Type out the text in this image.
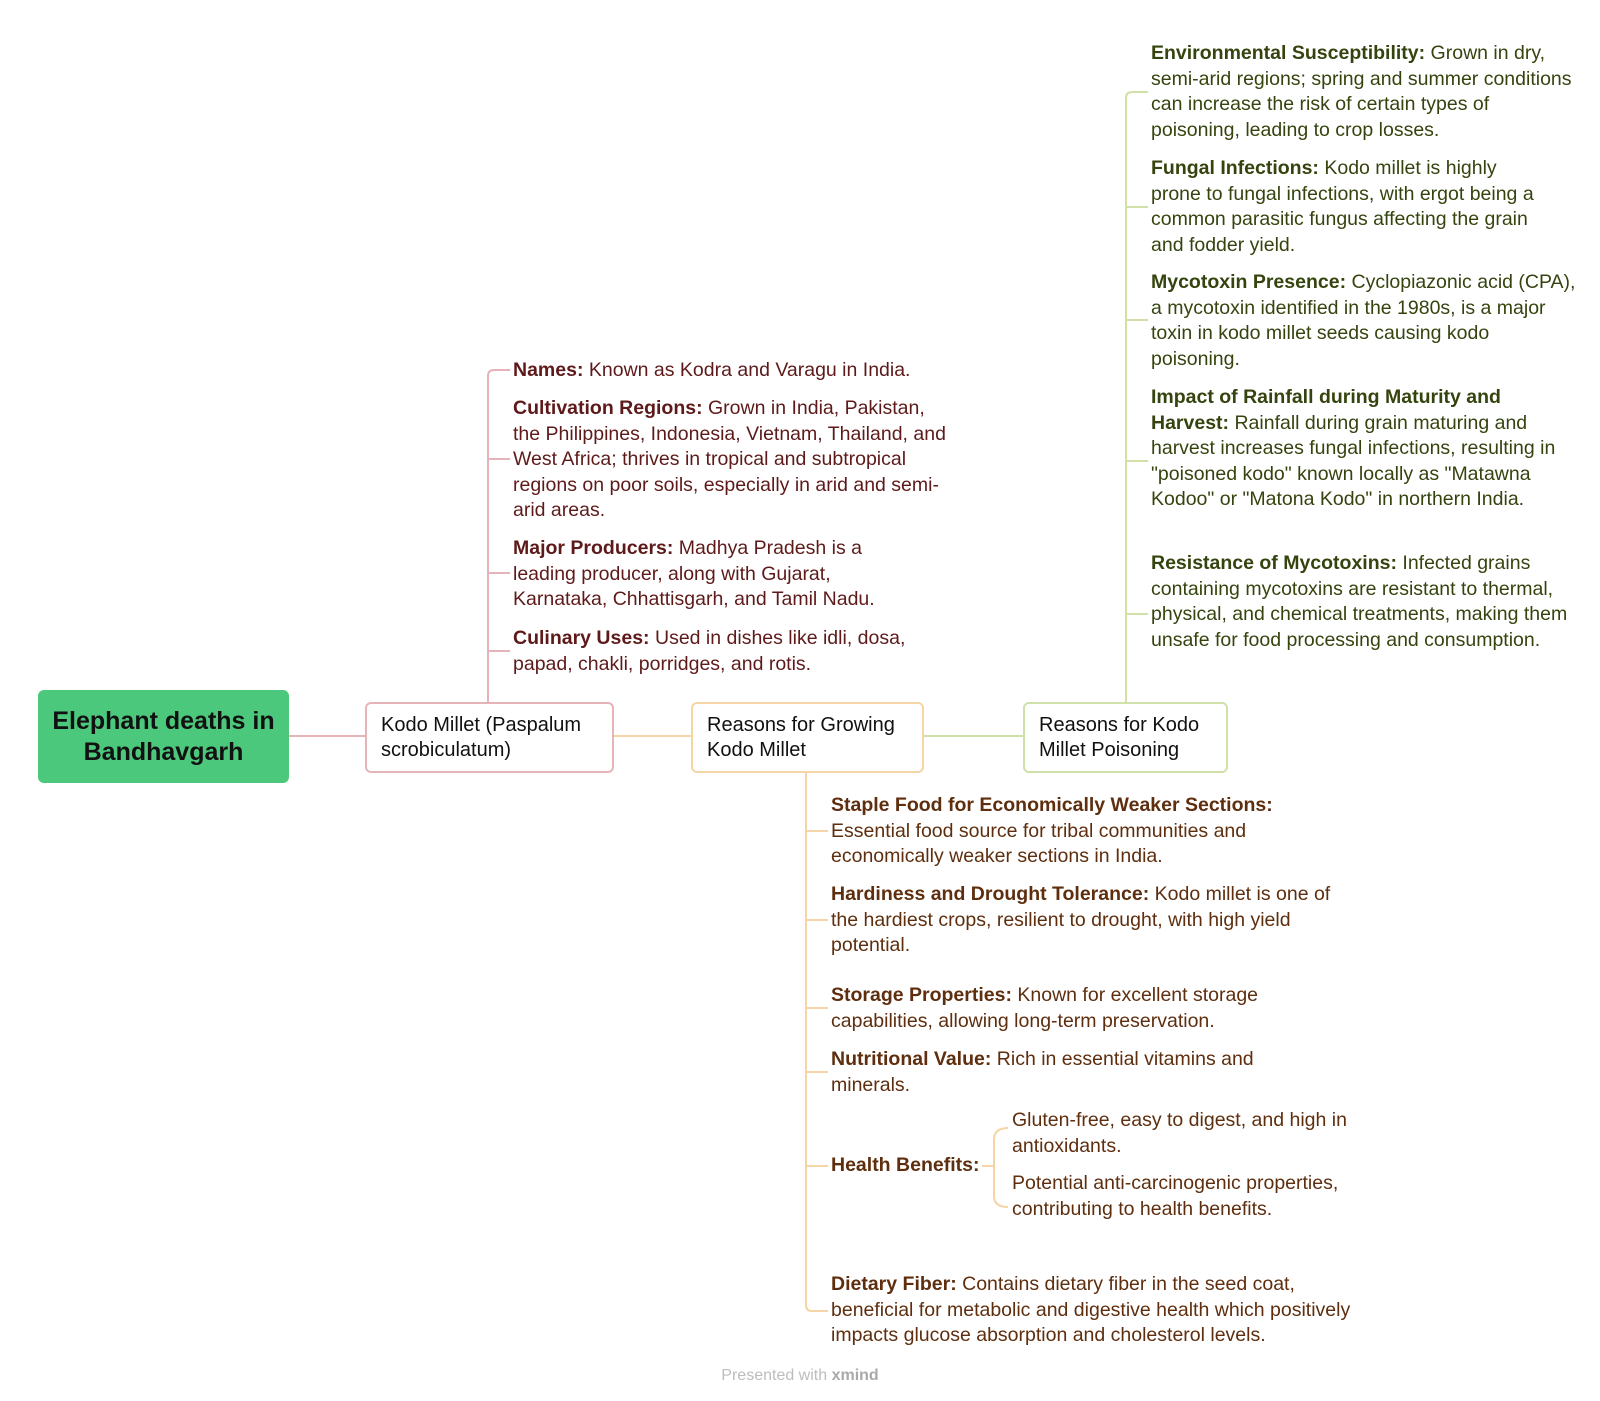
Elephant deaths in Bandhavgarh
Kodo Millet (Paspalum scrobiculatum)
Reasons for Growing Kodo Millet
Reasons for Kodo Millet Poisoning

Names: Known as Kodra and Varagu in India.

Cultivation Regions: Grown in India, Pakistan, the Philippines, Indonesia, Vietnam, Thailand, and West Africa; thrives in tropical and subtropical regions on poor soils, especially in arid and semi-arid areas.

Major Producers: Madhya Pradesh is a leading producer, along with Gujarat, Karnataka, Chhattisgarh, and Tamil Nadu.

Culinary Uses: Used in dishes like idli, dosa, papad, chakli, porridges, and rotis.

Staple Food for Economically Weaker Sections: Essential food source for tribal communities and economically weaker sections in India.

Hardiness and Drought Tolerance: Kodo millet is one of the hardiest crops, resilient to drought, with high yield potential.

Storage Properties: Known for excellent storage capabilities, allowing long-term preservation.

Nutritional Value: Rich in essential vitamins and minerals.

Health Benefits:

Gluten-free, easy to digest, and high in antioxidants.

Potential anti-carcinogenic properties, contributing to health benefits.

Dietary Fiber: Contains dietary fiber in the seed coat, beneficial for metabolic and digestive health which positively impacts glucose absorption and cholesterol levels.

Environmental Susceptibility: Grown in dry, semi-arid regions; spring and summer conditions can increase the risk of certain types of poisoning, leading to crop losses.

Fungal Infections: Kodo millet is highly prone to fungal infections, with ergot being a common parasitic fungus affecting the grain and fodder yield.

Mycotoxin Presence: Cyclopiazonic acid (CPA), a mycotoxin identified in the 1980s, is a major toxin in kodo millet seeds causing kodo poisoning.

Impact of Rainfall during Maturity and Harvest: Rainfall during grain maturing and harvest increases fungal infections, resulting in "poisoned kodo" known locally as "Matawna Kodoo" or "Matona Kodo" in northern India.

Resistance of Mycotoxins: Infected grains containing mycotoxins are resistant to thermal, physical, and chemical treatments, making them unsafe for food processing and consumption.

Presented with xmind
